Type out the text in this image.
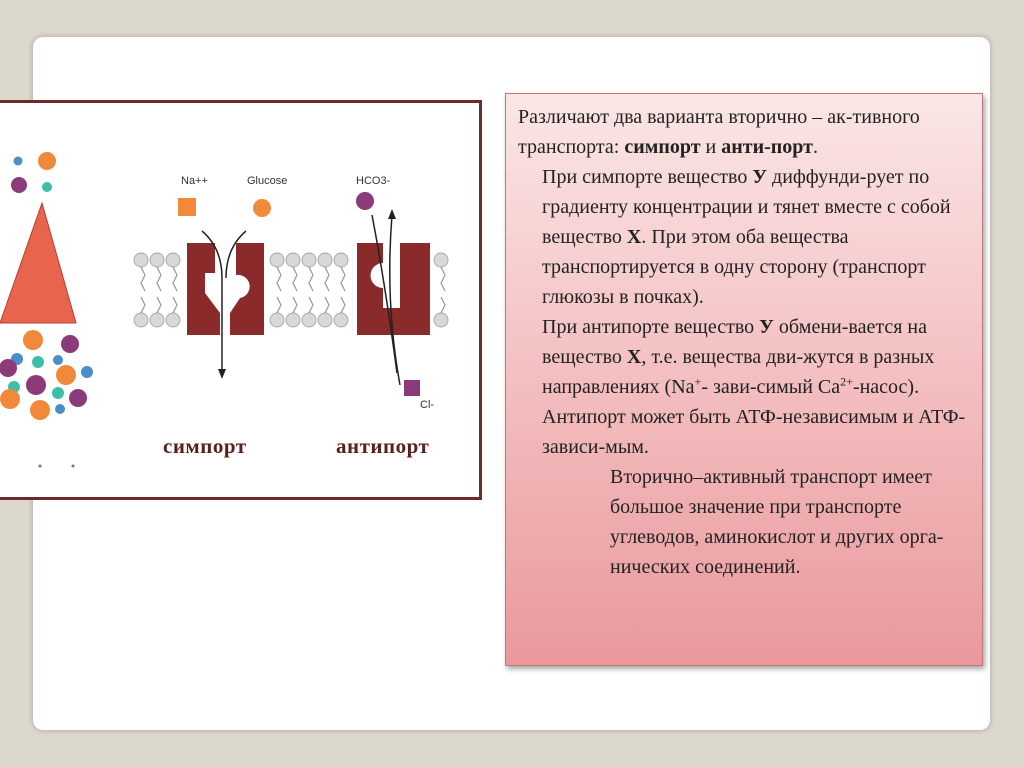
Na++	Glucose	HCO3-
Cl-
симпорт	антипорт

Различают два варианта вторично – ак-тивного транспорта: симпорт и анти-порт.

При симпорте вещество У диффунди-рует по градиенту концентрации и тянет вместе с собой вещество Х. При этом оба вещества транспортируется в одну сторону (транспорт глюкозы в почках).

При антипорте вещество У обмени-вается на вещество Х, т.е. вещества дви-жутся в разных направлениях (Na+- зави-симый $Ca^{2+}-насос$). Антипорт может быть АТФ-независимым и АТФ- зависи-мым.

Вторично–активный транспорт имеет большое значение при транспорте углеводов, аминокислот и других орга-нических соединений.
